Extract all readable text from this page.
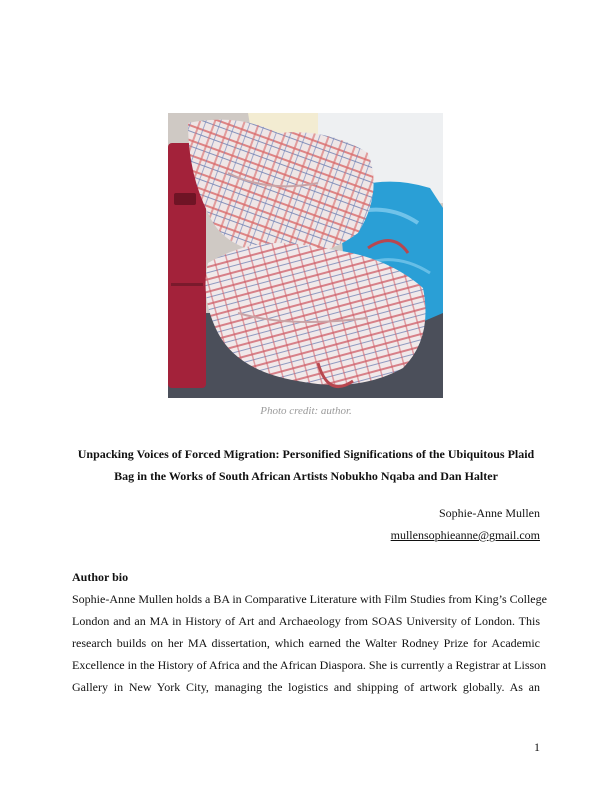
Photo credit: author.
Unpacking Voices of Forced Migration: Personified Significations of the Ubiquitous Plaid
Bag in the Works of South African Artists Nobukho Nqaba and Dan Halter
Sophie-Anne Mullen
mullensophieanne@gmail.com
Author bio
Sophie-Anne Mullen holds a BA in Comparative Literature with Film Studies from King’s College
London and an MA in History of Art and Archaeology from SOAS University of London. This
research builds on her MA dissertation, which earned the Walter Rodney Prize for Academic
Excellence in the History of Africa and the African Diaspora. She is currently a Registrar at Lisson
Gallery in New York City, managing the logistics and shipping of artwork globally. As an
1
